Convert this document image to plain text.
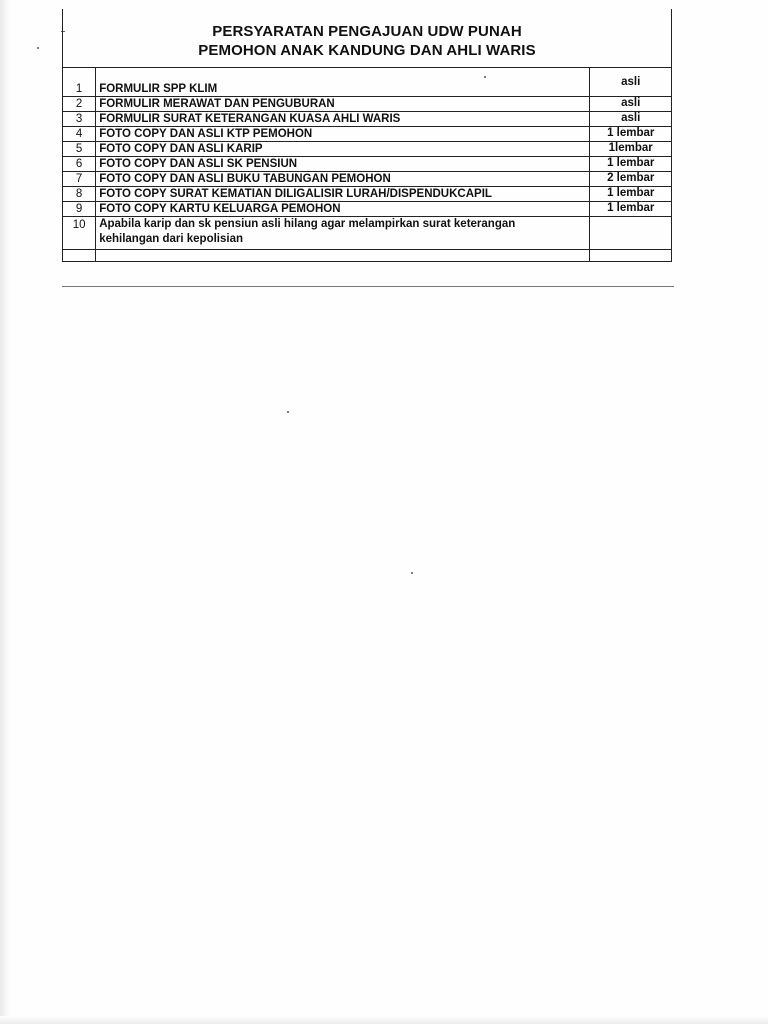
PERSYARATAN PENGAJUAN UDW PUNAH
PEMOHON ANAK KANDUNG DAN AHLI WARIS
1	FORMULIR SPP KLIM	asli
2	FORMULIR MERAWAT DAN PENGUBURAN	asli
3	FORMULIR SURAT KETERANGAN KUASA AHLI WARIS	asli
4	FOTO COPY DAN ASLI KTP PEMOHON	1 lembar
5	FOTO COPY DAN ASLI KARIP	1lembar
6	FOTO COPY DAN ASLI SK PENSIUN	1 lembar
7	FOTO COPY DAN ASLI BUKU TABUNGAN PEMOHON	2 lembar
8	FOTO COPY SURAT KEMATIAN DILIGALISIR LURAH/DISPENDUKCAPIL	1 lembar
9	FOTO COPY KARTU KELUARGA PEMOHON	1 lembar
10	Apabila karip dan sk pensiun asli hilang agar melampirkan surat keterangan
kehilangan dari kepolisian	
